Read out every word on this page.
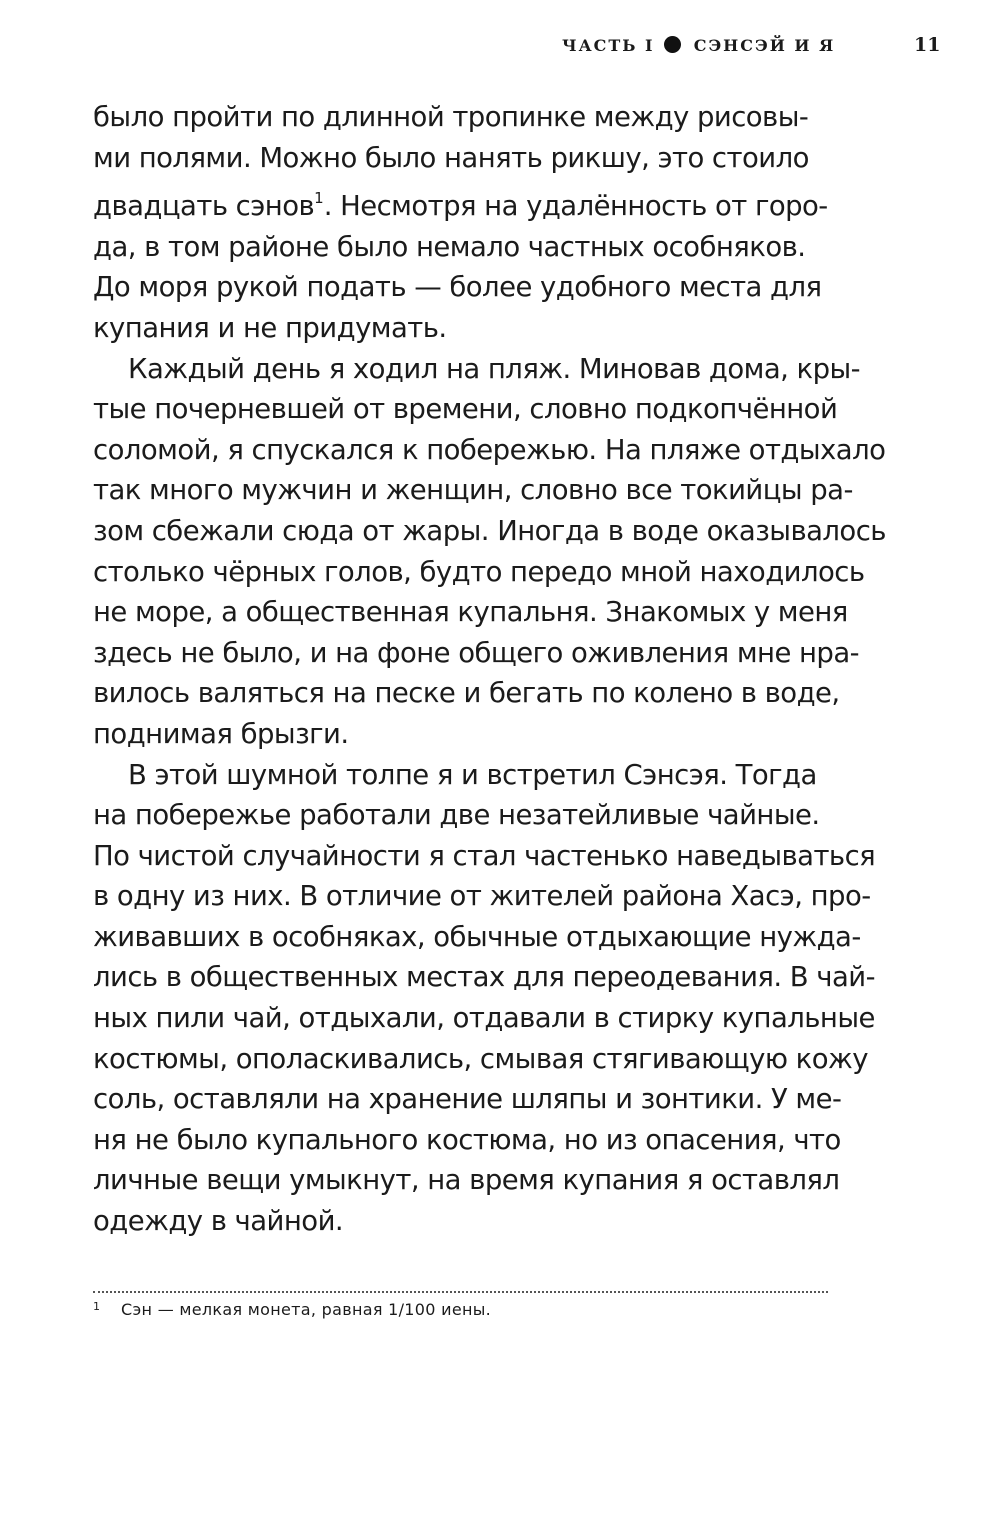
ЧАСТЬ I СЭНСЭЙ И Я	11
было пройти по длинной тропинке между рисовы-
ми полями. Можно было нанять рикшу, это стоило
двадцать сэнов$^1$. Несмотря на удалённость от горо-
да, в том районе было немало частных особняков.
До моря рукой подать — более удобного места для
купания и не придумать.
Каждый день я ходил на пляж. Миновав дома, кры-
тые почерневшей от времени, словно подкопчённой
соломой, я спускался к побережью. На пляже отдыхало
так много мужчин и женщин, словно все токийцы ра-
зом сбежали сюда от жары. Иногда в воде оказывалось
столько чёрных голов, будто передо мной находилось
не море, а общественная купальня. Знакомых у меня
здесь не было, и на фоне общего оживления мне нра-
вилось валяться на песке и бегать по колено в воде,
поднимая брызги.
В этой шумной толпе я и встретил Сэнсэя. Тогда
на побережье работали две незатейливые чайные.
По чистой случайности я стал частенько наведываться
в одну из них. В отличие от жителей района Хасэ, про-
живавших в особняках, обычные отдыхающие нужда-
лись в общественных местах для переодевания. В чай-
ных пили чай, отдыхали, отдавали в стирку купальные
костюмы, ополаскивались, смывая стягивающую кожу
соль, оставляли на хранение шляпы и зонтики. У ме-
ня не было купального костюма, но из опасения, что
личные вещи умыкнут, на время купания я оставлял
одежду в чайной.
1 Сэн — мелкая монета, равная 1/100 иены.
